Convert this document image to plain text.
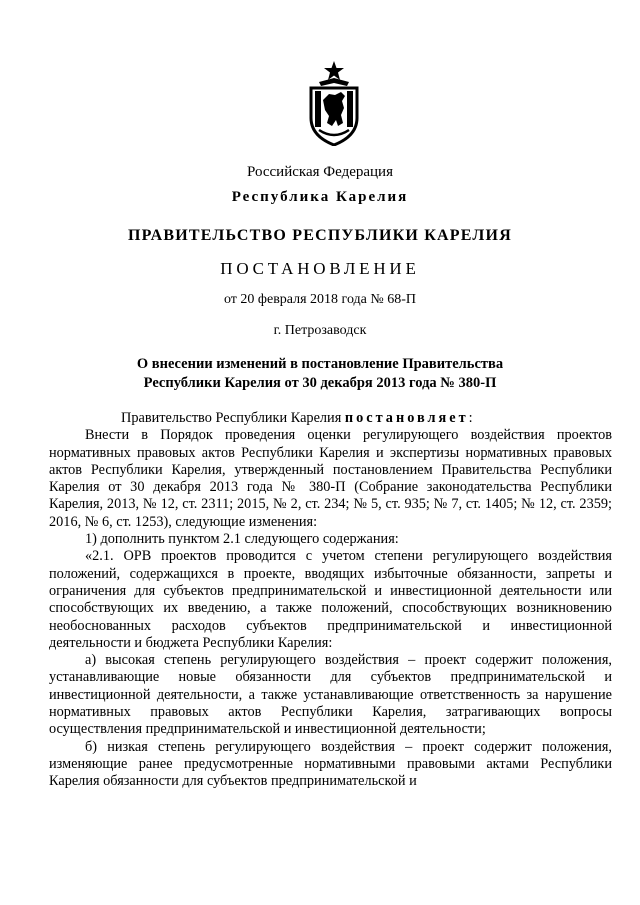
Российская Федерация
Республика Карелия
ПРАВИТЕЛЬСТВО РЕСПУБЛИКИ КАРЕЛИЯ
ПОСТАНОВЛЕНИЕ
от 20 февраля 2018 года № 68-П
г. Петрозаводск
О внесении изменений в постановление Правительства
Республики Карелия от 30 декабря 2013 года № 380-П

Правительство Республики Карелия постановляет:

Внести в Порядок проведения оценки регулирующего воздействия проектов нормативных правовых актов Республики Карелия и экспертизы нормативных правовых актов Республики Карелия, утвержденный постановлением Правительства Республики Карелия от 30 декабря 2013 года № 380-П (Собрание законодательства Республики Карелия, 2013, № 12, ст. 2311; 2015, № 2, ст. 234; № 5, ст. 935; № 7, ст. 1405; № 12, ст. 2359; 2016, № 6, ст. 1253), следующие изменения:

1) дополнить пунктом 2.1 следующего содержания:

«2.1. ОРВ проектов проводится с учетом степени регулирующего воздействия положений, содержащихся в проекте, вводящих избыточные обязанности, запреты и ограничения для субъектов предпринимательской и инвестиционной деятельности или способствующих их введению, а также положений, способствующих возникновению необоснованных расходов субъектов предпринимательской и инвестиционной деятельности и бюджета Республики Карелия:

а) высокая степень регулирующего воздействия – проект содержит положения, устанавливающие новые обязанности для субъектов предпринимательской и инвестиционной деятельности, а также устанавливающие ответственность за нарушение нормативных правовых актов Республики Карелия, затрагивающих вопросы осуществления предпринимательской и инвестиционной деятельности;

б) низкая степень регулирующего воздействия – проект содержит положения, изменяющие ранее предусмотренные нормативными правовыми актами Республики Карелия обязанности для субъектов предпринимательской и
